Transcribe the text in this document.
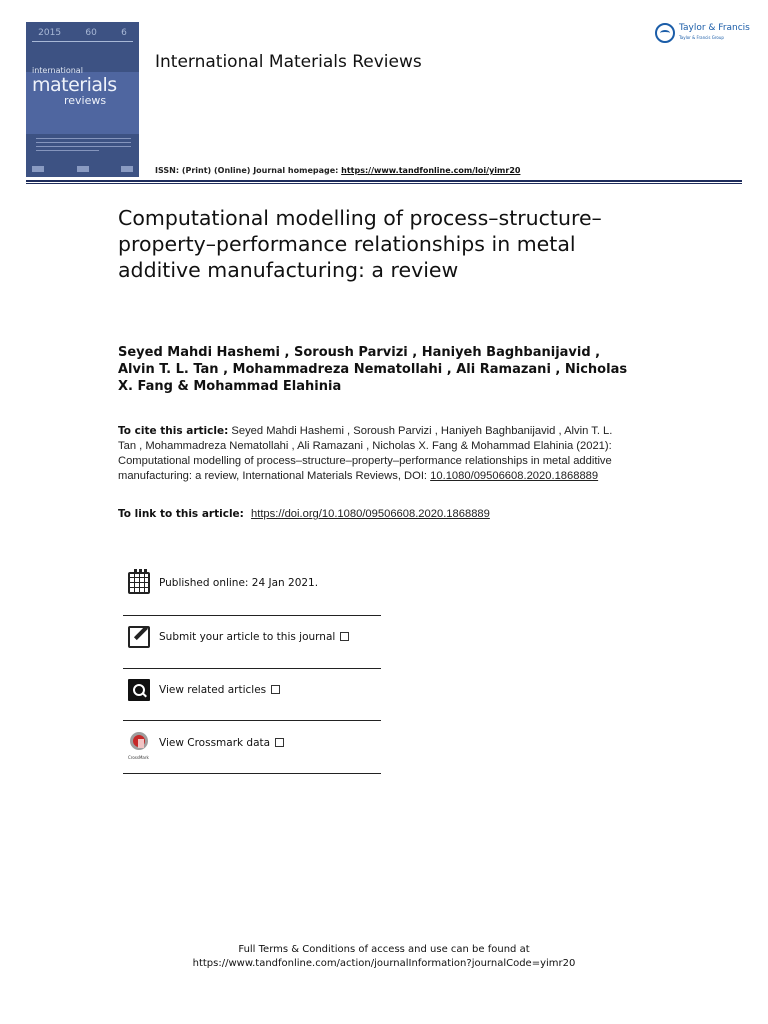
2015	60	6
international
materials
reviews
International Materials Reviews
ISSN: (Print) (Online) Journal homepage: https://www.tandfonline.com/loi/yimr20
Taylor & Francis
Taylor & Francis Group
Computational modelling of process–structure–property–performance relationships in metal additive manufacturing: a review
Seyed Mahdi Hashemi , Soroush Parvizi , Haniyeh Baghbanijavid , Alvin T. L. Tan , Mohammadreza Nematollahi , Ali Ramazani , Nicholas X. Fang & Mohammad Elahinia
To cite this article: Seyed Mahdi Hashemi , Soroush Parvizi , Haniyeh Baghbanijavid , Alvin T. L. Tan , Mohammadreza Nematollahi , Ali Ramazani , Nicholas X. Fang & Mohammad Elahinia (2021): Computational modelling of process–structure–property–performance relationships in metal additive manufacturing: a review, International Materials Reviews, DOI: 10.1080/09506608.2020.1868889
To link to this article: https://doi.org/10.1080/09506608.2020.1868889
Published online: 24 Jan 2021.
Submit your article to this journal
View related articles
CrossMark
View Crossmark data
Full Terms & Conditions of access and use can be found at
https://www.tandfonline.com/action/journalInformation?journalCode=yimr20
